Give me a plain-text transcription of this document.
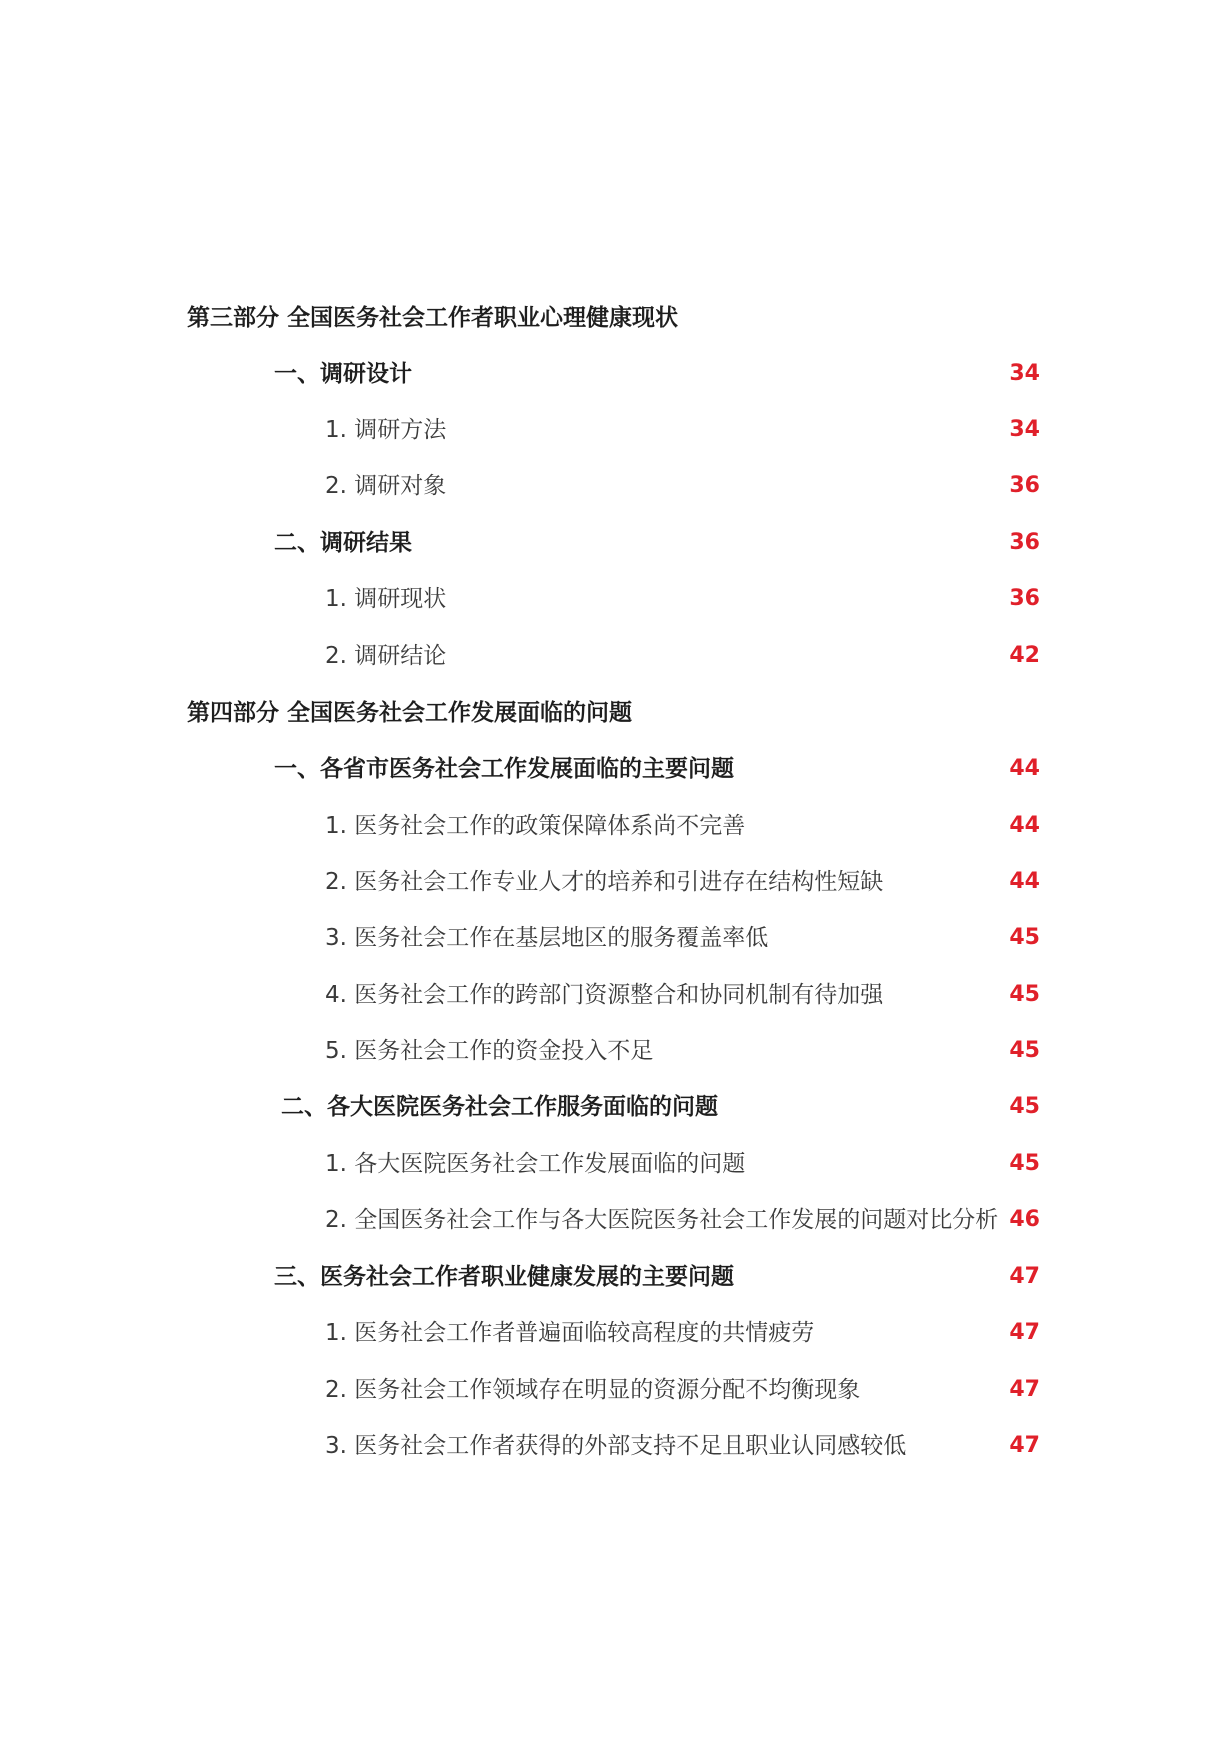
第三部分 全国医务社会工作者职业心理健康现状
一、调研设计	34
1. 调研方法	34
2. 调研对象	36
二、调研结果	36
1. 调研现状	36
2. 调研结论	42
第四部分 全国医务社会工作发展面临的问题
一、各省市医务社会工作发展面临的主要问题	44
1. 医务社会工作的政策保障体系尚不完善	44
2. 医务社会工作专业人才的培养和引进存在结构性短缺	44
3. 医务社会工作在基层地区的服务覆盖率低	45
4. 医务社会工作的跨部门资源整合和协同机制有待加强	45
5. 医务社会工作的资金投入不足	45
二、各大医院医务社会工作服务面临的问题	45
1. 各大医院医务社会工作发展面临的问题	45
2. 全国医务社会工作与各大医院医务社会工作发展的问题对比分析 46
三、医务社会工作者职业健康发展的主要问题	47
1. 医务社会工作者普遍面临较高程度的共情疲劳	47
2. 医务社会工作领域存在明显的资源分配不均衡现象	47
3. 医务社会工作者获得的外部支持不足且职业认同感较低	47
